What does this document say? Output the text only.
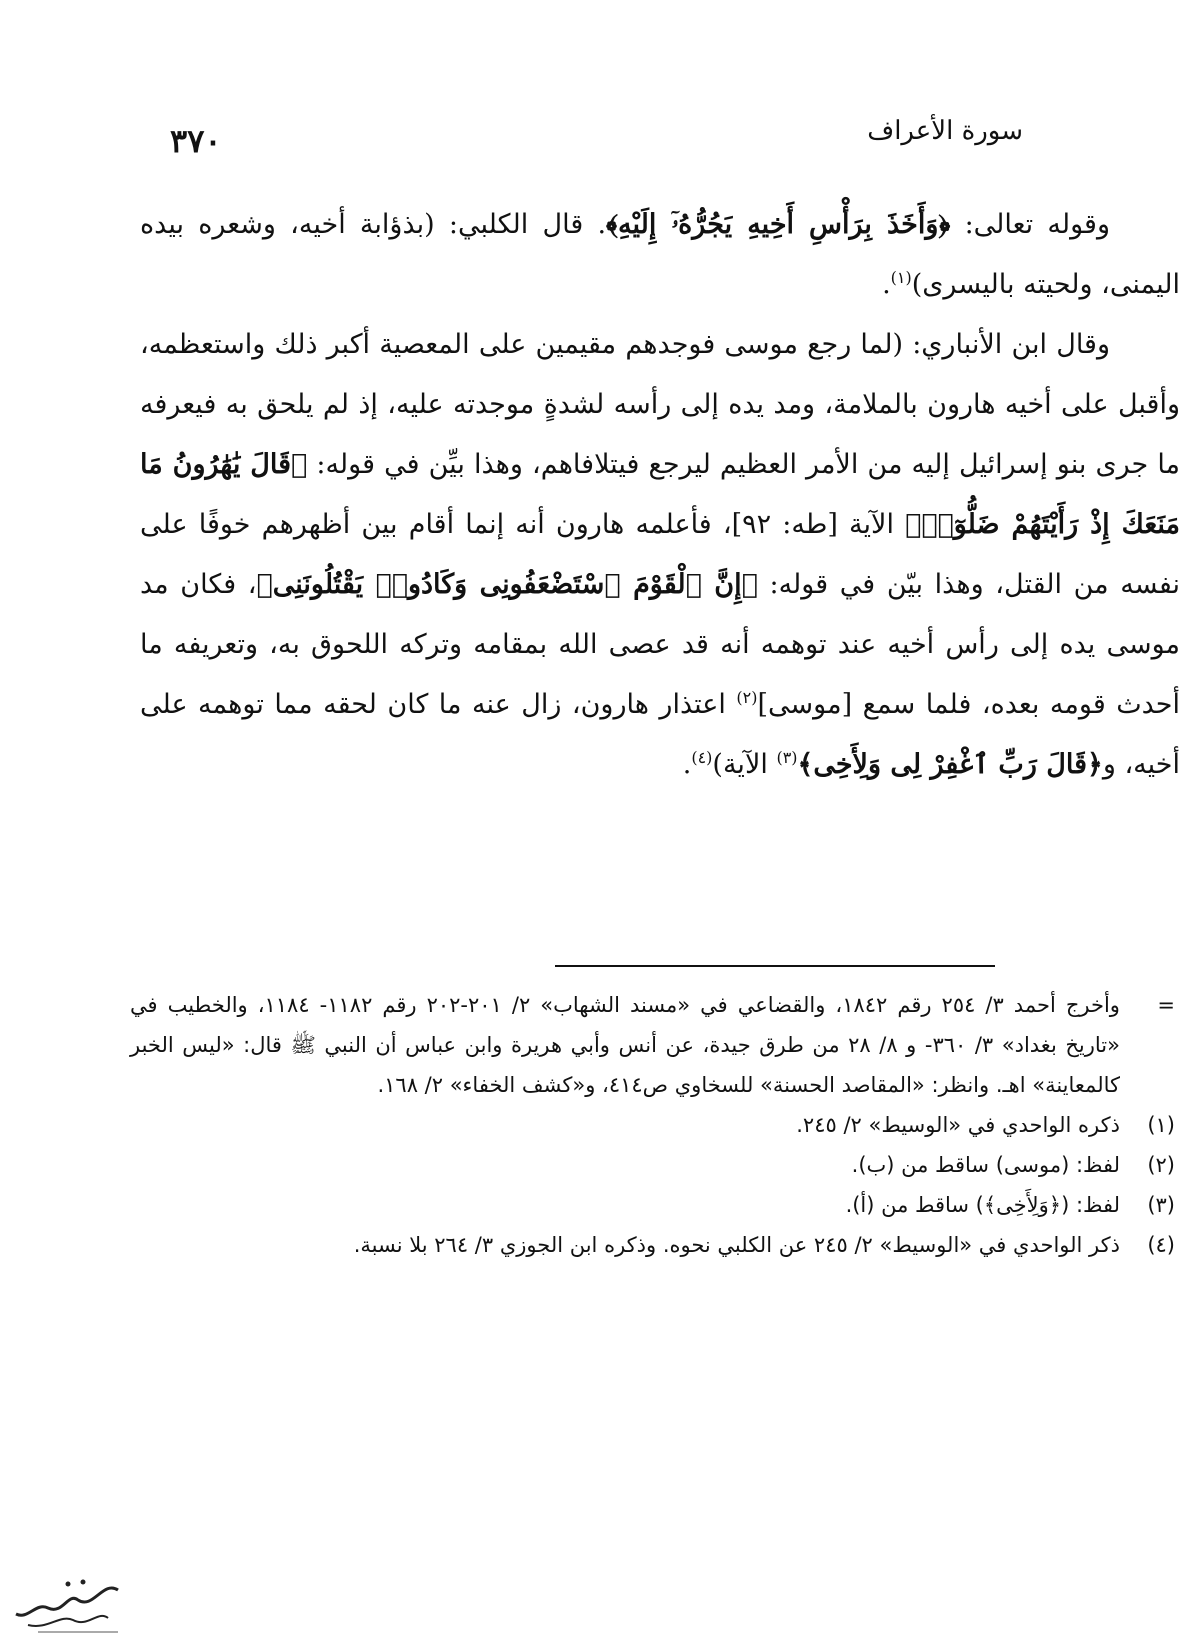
سورة الأعراف
٣٧٠

وقوله تعالى: ﴿وَأَخَذَ بِرَأْسِ أَخِيهِ يَجُرُّهُۥٓ إِلَيْهِ﴾. قال الكلبي: (بذؤابة أخيه، وشعره بيده اليمنى، ولحيته باليسرى)$^{(١)}$.

وقال ابن الأنباري: (لما رجع موسى فوجدهم مقيمين على المعصية أكبر ذلك واستعظمه، وأقبل على أخيه هارون بالملامة، ومد يده إلى رأسه لشدةٍ موجدته عليه، إذ لم يلحق به فيعرفه ما جرى بنو إسرائيل إليه من الأمر العظيم ليرجع فيتلافاهم، وهذا بيِّن في قوله: ﴿قَالَ يَٰهَٰرُونُ مَا مَنَعَكَ إِذْ رَأَيْتَهُمْ ضَلُّوٓا۟﴾ الآية [طه: ٩٢]، فأعلمه هارون أنه إنما أقام بين أظهرهم خوفًا على نفسه من القتل، وهذا بيّن في قوله: ﴿إِنَّ ٱلْقَوْمَ ٱسْتَضْعَفُونِى وَكَادُوا۟ يَقْتُلُونَنِى﴾، فكان مد موسى يده إلى رأس أخيه عند توهمه أنه قد عصى الله بمقامه وتركه اللحوق به، وتعريفه ما أحدث قومه بعده، فلما سمع [موسى]$^{(٢)}$ اعتذار هارون، زال عنه ما كان لحقه مما توهمه على أخيه، و﴿قَالَ رَبِّ ٱغْفِرْ لِى وَلِأَخِى﴾$^{(٣)}$ الآية)$^{(٤)}$.

=
وأخرج أحمد ٣/ ٢٥٤ رقم ١٨٤٢، والقضاعي في «مسند الشهاب» ٢/ ٢٠١-٢٠٢ رقم ١١٨٢- ١١٨٤، والخطيب في «تاريخ بغداد» ٣/ ٣٦٠- و ٨/ ٢٨ من طرق جيدة، عن أنس وأبي هريرة وابن عباس أن النبي ﷺ قال: «ليس الخبر كالمعاينة» اهـ. وانظر: «المقاصد الحسنة» للسخاوي ص٤١٤، و«كشف الخفاء» ٢/ ١٦٨.
(١)
ذكره الواحدي في «الوسيط» ٢/ ٢٤٥.
(٢)
لفظ: (موسى) ساقط من (ب).
(٣)
لفظ: (﴿وَلِأَخِى﴾) ساقط من (أ).
(٤)
ذكر الواحدي في «الوسيط» ٢/ ٢٤٥ عن الكلبي نحوه. وذكره ابن الجوزي ٣/ ٢٦٤ بلا نسبة.
